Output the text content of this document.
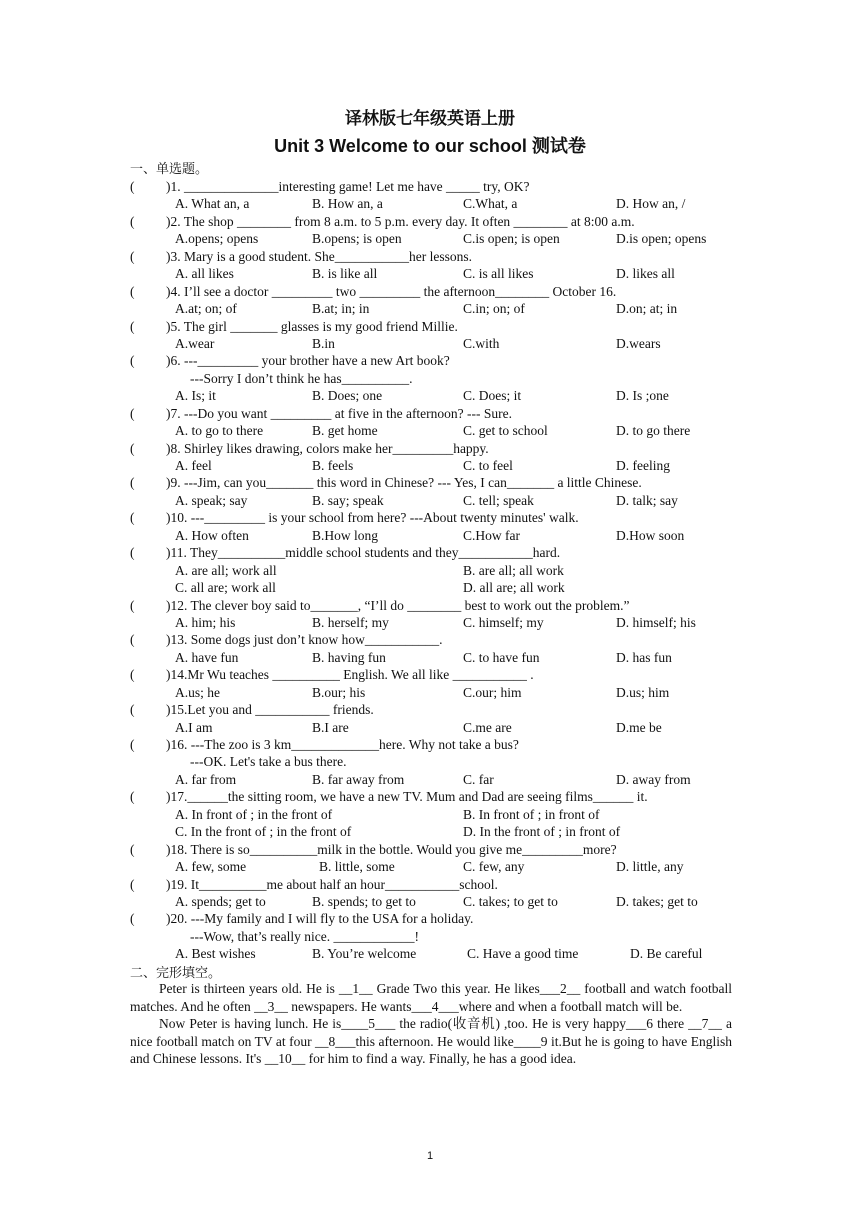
译林版七年级英语上册
Unit 3 Welcome to our school 测试卷
一、单选题。
( )1. ______________interesting game! Let me have _____ try, OK?
A. What an, a	B. How an, a	C.What, a	D. How an, /
( )2. The shop ________ from 8 a.m. to 5 p.m. every day. It often ________ at 8:00 a.m.
A.opens; opens	B.opens; is open	C.is open; is open	D.is open; opens
( )3. Mary is a good student. She___________her lessons.
A. all likes	B. is like all	C. is all likes	D. likes all
( )4. I’ll see a doctor _________ two _________ the afternoon________ October 16.
A.at; on; of	B.at; in; in	C.in; on; of	D.on; at; in
( )5. The girl _______ glasses is my good friend Millie.
A.wear	B.in	C.with	D.wears
( )6. ---_________ your brother have a new Art book?
---Sorry I don’t think he has__________.
A. Is; it	B. Does; one	C. Does; it	D. Is ;one
( )7. ---Do you want _________ at five in the afternoon? --- Sure.
A. to go to there	B. get home	C. get to school	D. to go there
( )8. Shirley likes drawing, colors make her_________happy.
A. feel	B. feels	C. to feel	D. feeling
( )9. ---Jim, can you_______ this word in Chinese? --- Yes, I can_______ a little Chinese.
A. speak; say	B. say; speak	C. tell; speak	D. talk; say
( )10. ---_________ is your school from here? ---About twenty minutes' walk.
A. How often	B.How long	C.How far	D.How soon
( )11. They__________middle school students and they___________hard.
A. are all; work all	B. are all; all work
C. all are; work all	D. all are; all work
( )12. The clever boy said to_______, “I’ll do ________ best to work out the problem.”
A. him; his	B. herself; my	C. himself; my	D. himself; his
( )13. Some dogs just don’t know how___________.
A. have fun	B. having fun	C. to have fun	D. has fun
( )14.Mr Wu teaches __________ English. We all like ___________ .
A.us; he	B.our; his	C.our; him	D.us; him
( )15.Let you and ___________ friends.
A.I am	B.I are	C.me are	D.me be
( )16. ---The zoo is 3 km_____________here. Why not take a bus?
---OK. Let's take a bus there.
A. far from	B. far away from	C. far	D. away from
( )17.______the sitting room, we have a new TV. Mum and Dad are seeing films______ it.
A. In front of ; in the front of	B. In front of ; in front of
C. In the front of ; in the front of	D. In the front of ; in front of
( )18. There is so__________milk in the bottle. Would you give me_________more?
A. few, some	B. little, some	C. few, any	D. little, any
( )19. It__________me about half an hour___________school.
A. spends; get to	B. spends; to get to	C. takes; to get to	D. takes; get to
( )20. ---My family and I will fly to the USA for a holiday.
---Wow, that’s really nice. ____________!
A. Best wishes	B. You’re welcome	C. Have a good time	D. Be careful
二、完形填空。

Peter is thirteen years old. He is __1__ Grade Two this year. He likes___2__ football and watch football matches. And he often __3__ newspapers. He wants___4___where and when a football match will be.

Now Peter is having lunch. He is____5___ the radio(收音机) ,too. He is very happy___6 there __7__ a nice football match on TV at four __8___this afternoon. He would like____9 it.But he is going to have English and Chinese lessons. It's __10__ for him to find a way. Finally, he has a good idea.

1
